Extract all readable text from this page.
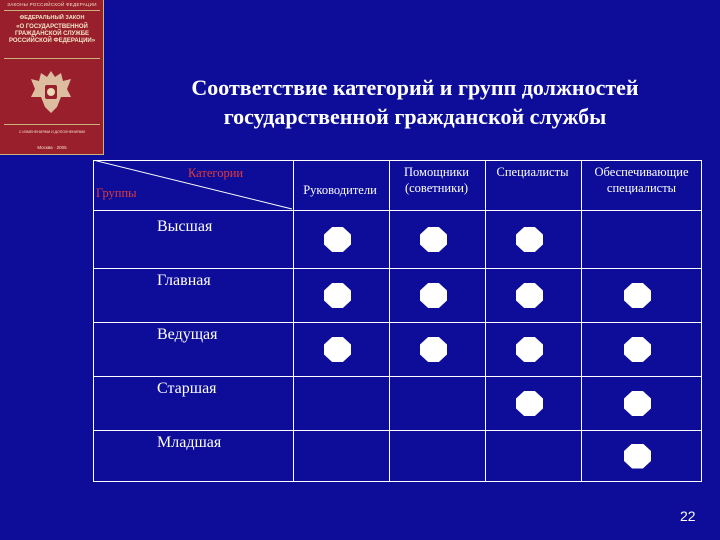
ЗАКОНЫ РОССИЙСКОЙ ФЕДЕРАЦИИ
ФЕДЕРАЛЬНЫЙ ЗАКОН
«О ГОСУДАРСТВЕННОЙ ГРАЖДАНСКОЙ СЛУЖБЕ РОССИЙСКОЙ ФЕДЕРАЦИИ»
С ИЗМЕНЕНИЯМИ И ДОПОЛНЕНИЯМИ
Москва · 2005
Соответствие категорий и групп должностей
государственной гражданской службы
Категории
Группы	Руководители
Помощники
(советники)
Специалисты	Обеспечивающие
специалисты
Высшая
Главная
Ведущая
Старшая
Младшая
22
